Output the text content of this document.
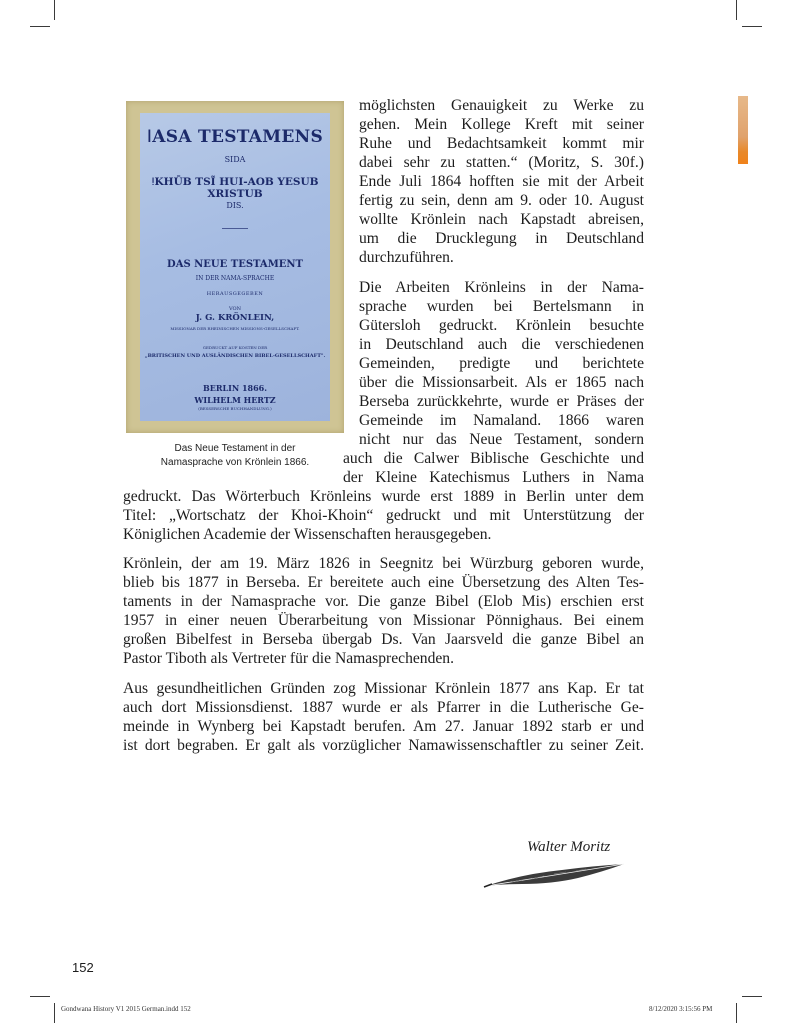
ǀASA TESTAMENS
SIDA
ǃKHŪB TSĨ HUI-AOB YESUB XRISTUB
DIS.
DAS NEUE TESTAMENT
IN DER NAMA-SPRACHE
HERAUSGEGEBEN
VON
J. G. KRÖNLEIN,
MISSIONAR DER RHEINISCHEN MISSIONS-GESELLSCHAFT.
GEDRUCKT AUF KOSTEN DER
„BRITISCHEN UND AUSLÄNDISCHEN BIBEL-GESELLSCHAFT".
BERLIN 1866.
WILHELM HERTZ
(BESSERSCHE BUCHHANDLUNG.)
Das Neue Testament in der
Namasprache von Krönlein 1866.

möglichsten Genauigkeit zu Werke zu

gehen. Mein Kollege Kreft mit seiner

Ruhe und Bedachtsamkeit kommt mir

dabei sehr zu statten.“ (Moritz, S. 30f.)

Ende Juli 1864 hofften sie mit der Arbeit

fertig zu sein, denn am 9. oder 10. August

wollte Krönlein nach Kapstadt abreisen,

um die Drucklegung in Deutschland

durchzuführen.

Die Arbeiten Krönleins in der Nama-

sprache wurden bei Bertelsmann in

Gütersloh gedruckt. Krönlein besuchte

in Deutschland auch die verschiedenen

Gemeinden, predigte und berichtete

über die Missionsarbeit. Als er 1865 nach

Berseba zurückkehrte, wurde er Präses der

Gemeinde im Namaland. 1866 waren

nicht nur das Neue Testament, sondern

auch die Calwer Biblische Geschichte und

der Kleine Katechismus Luthers in Nama

gedruckt. Das Wörterbuch Krönleins wurde erst 1889 in Berlin unter dem

Titel: „Wortschatz der Khoi-Khoin“ gedruckt und mit Unterstützung der

Königlichen Academie der Wissenschaften herausgegeben.

Krönlein, der am 19. März 1826 in Seegnitz bei Würzburg geboren wurde,

blieb bis 1877 in Berseba. Er bereitete auch eine Übersetzung des Alten Tes-

taments in der Namasprache vor. Die ganze Bibel (Elob Mis) erschien erst

1957 in einer neuen Überarbeitung von Missionar Pönnighaus. Bei einem

großen Bibelfest in Berseba übergab Ds. Van Jaarsveld die ganze Bibel an

Pastor Tiboth als Vertreter für die Namasprechenden.

Aus gesundheitlichen Gründen zog Missionar Krönlein 1877 ans Kap. Er tat

auch dort Missionsdienst. 1887 wurde er als Pfarrer in die Lutherische Ge-

meinde in Wynberg bei Kapstadt berufen. Am 27. Januar 1892 starb er und

ist dort begraben. Er galt als vorzüglicher Namawissenschaftler zu seiner Zeit.

Walter Moritz
152
Gondwana History V1 2015 German.indd 152	8/12/2020 3:15:56 PM
